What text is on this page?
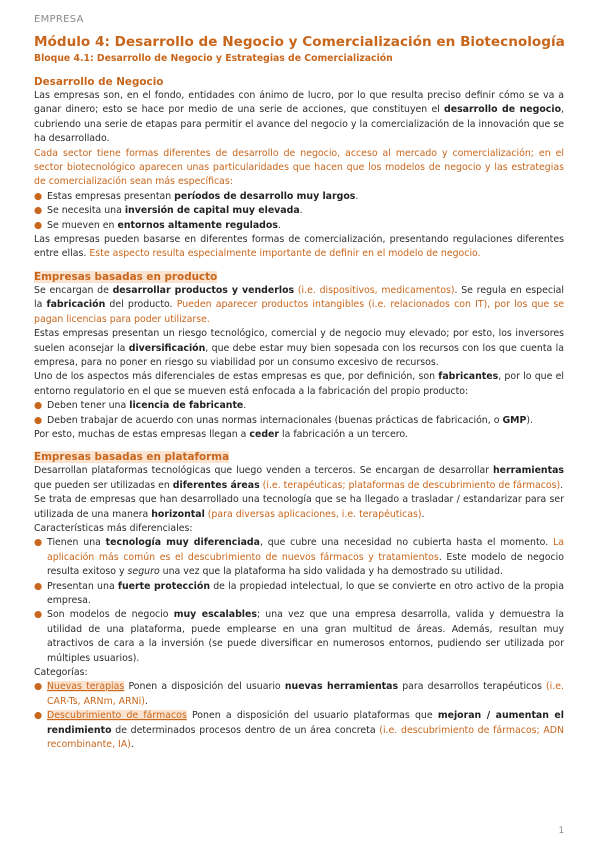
EMPRESA
Módulo 4: Desarrollo de Negocio y Comercialización en Biotecnología
Bloque 4.1: Desarrollo de Negocio y Estrategias de Comercialización
Desarrollo de Negocio

Las empresas son, en el fondo, entidades con ánimo de lucro, por lo que resulta preciso definir cómo se va a ganar dinero; esto se hace por medio de una serie de acciones, que constituyen el desarrollo de negocio, cubriendo una serie de etapas para permitir el avance del negocio y la comercialización de la innovación que se ha desarrollado.

Cada sector tiene formas diferentes de desarrollo de negocio, acceso al mercado y comercialización; en el sector biotecnológico aparecen unas particularidades que hacen que los modelos de negocio y las estrategias de comercialización sean más específicas:

● Estas empresas presentan períodos de desarrollo muy largos.
● Se necesita una inversión de capital muy elevada.
● Se mueven en entornos altamente regulados.

Las empresas pueden basarse en diferentes formas de comercialización, presentando regulaciones diferentes entre ellas. Este aspecto resulta especialmente importante de definir en el modelo de negocio.

Empresas basadas en producto

Se encargan de desarrollar productos y venderlos (i.e. dispositivos, medicamentos). Se regula en especial la fabricación del producto. Pueden aparecer productos intangibles (i.e. relacionados con IT), por los que se pagan licencias para poder utilizarse.

Estas empresas presentan un riesgo tecnológico, comercial y de negocio muy elevado; por esto, los inversores suelen aconsejar la diversificación, que debe estar muy bien sopesada con los recursos con los que cuenta la empresa, para no poner en riesgo su viabilidad por un consumo excesivo de recursos.

Uno de los aspectos más diferenciales de estas empresas es que, por definición, son fabricantes, por lo que el entorno regulatorio en el que se mueven está enfocada a la fabricación del propio producto:

● Deben tener una licencia de fabricante.
● Deben trabajar de acuerdo con unas normas internacionales (buenas prácticas de fabricación, o GMP).

Por esto, muchas de estas empresas llegan a ceder la fabricación a un tercero.

Empresas basadas en plataforma

Desarrollan plataformas tecnológicas que luego venden a terceros. Se encargan de desarrollar herramientas que pueden ser utilizadas en diferentes áreas (i.e. terapéuticas; plataformas de descubrimiento de fármacos).

Se trata de empresas que han desarrollado una tecnología que se ha llegado a trasladar / estandarizar para ser utilizada de una manera horizontal (para diversas aplicaciones, i.e. terapéuticas).

Características más diferenciales:

● Tienen una tecnología muy diferenciada, que cubre una necesidad no cubierta hasta el momento. La aplicación más común es el descubrimiento de nuevos fármacos y tratamientos. Este modelo de negocio resulta exitoso y seguro una vez que la plataforma ha sido validada y ha demostrado su utilidad.
● Presentan una fuerte protección de la propiedad intelectual, lo que se convierte en otro activo de la propia empresa.
● Son modelos de negocio muy escalables; una vez que una empresa desarrolla, valida y demuestra la utilidad de una plataforma, puede emplearse en una gran multitud de áreas. Además, resultan muy atractivos de cara a la inversión (se puede diversificar en numerosos entornos, pudiendo ser utilizada por múltiples usuarios).

Categorías:

● Nuevas terapias Ponen a disposición del usuario nuevas herramientas para desarrollos terapéuticos (i.e. CAR-Ts, ARNm, ARNi).
● Descubrimiento de fármacos Ponen a disposición del usuario plataformas que mejoran / aumentan el rendimiento de determinados procesos dentro de un área concreta (i.e. descubrimiento de fármacos; ADN recombinante, IA).
1
